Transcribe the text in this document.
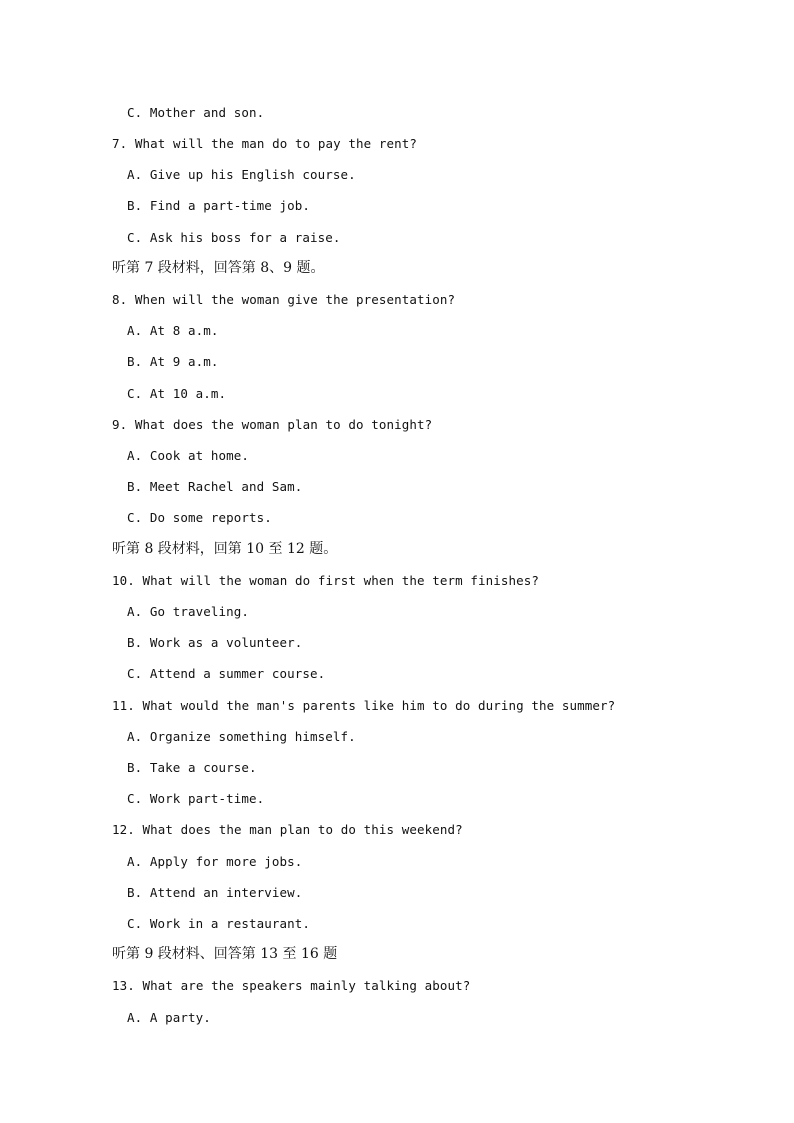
C. Mother and son.

7. What will the man do to pay the rent?

A. Give up his English course.

B. Find a part-time job.

C. Ask his boss for a raise.

听第 7 段材料，回答第 8、9 题。

8. When will the woman give the presentation?

A. At 8 a.m.

B. At 9 a.m.

C. At 10 a.m.

9. What does the woman plan to do tonight?

A. Cook at home.

B. Meet Rachel and Sam.

C. Do some reports.

听第 8 段材料，回第 10 至 12 题。

10. What will the woman do first when the term finishes?

A. Go traveling.

B. Work as a volunteer.

C. Attend a summer course.

11. What would the man's parents like him to do during the summer?

A. Organize something himself.

B. Take a course.

C. Work part-time.

12. What does the man plan to do this weekend?

A. Apply for more jobs.

B. Attend an interview.

C. Work in a restaurant.

听第 9 段材料、回答第 13 至 16 题

13. What are the speakers mainly talking about?

A. A party.
